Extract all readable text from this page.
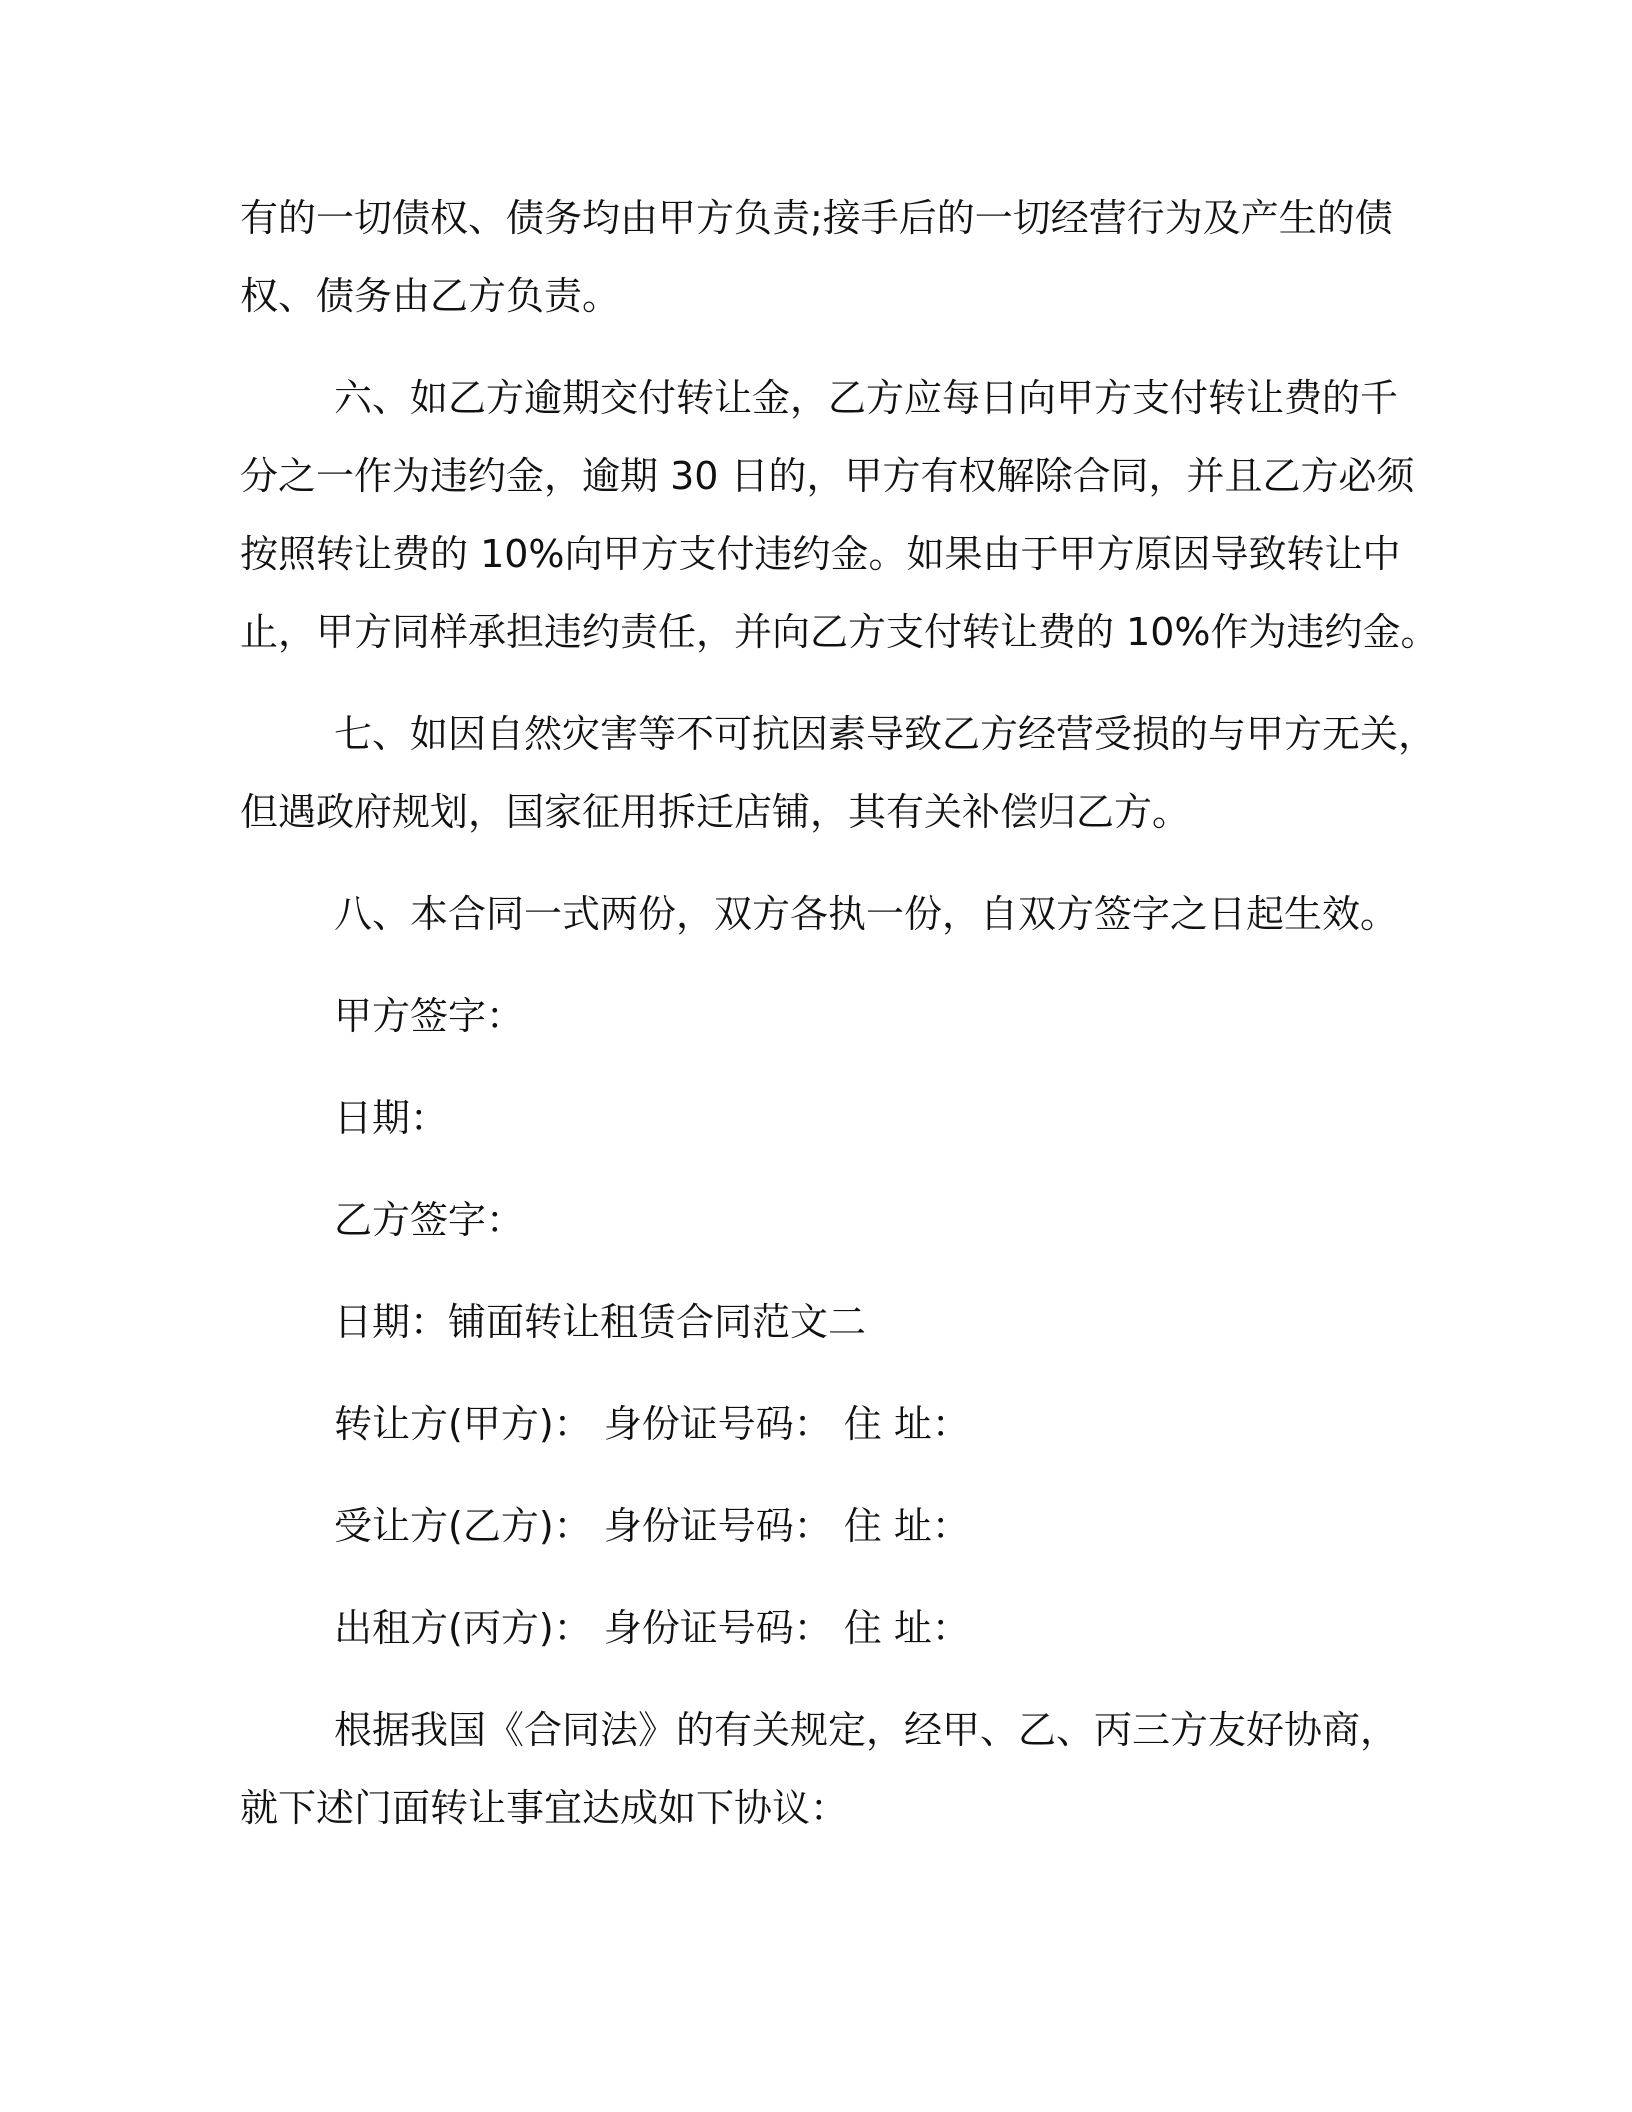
有的一切债权、债务均由甲方负责;接手后的一切经营行为及产生的债

权、债务由乙方负责。

六、如乙方逾期交付转让金，乙方应每日向甲方支付转让费的千

分之一作为违约金，逾期 30 日的，甲方有权解除合同，并且乙方必须

按照转让费的 10%向甲方支付违约金。如果由于甲方原因导致转让中

止，甲方同样承担违约责任，并向乙方支付转让费的 10%作为违约金。

七、如因自然灾害等不可抗因素导致乙方经营受损的与甲方无关，

但遇政府规划，国家征用拆迁店铺，其有关补偿归乙方。

八、本合同一式两份，双方各执一份，自双方签字之日起生效。

甲方签字：

日期：

乙方签字：

日期：铺面转让租赁合同范文二

转让方(甲方)： 身份证号码： 住 址：

受让方(乙方)： 身份证号码： 住 址：

出租方(丙方)： 身份证号码： 住 址：

根据我国《合同法》的有关规定，经甲、乙、丙三方友好协商，

就下述门面转让事宜达成如下协议：
